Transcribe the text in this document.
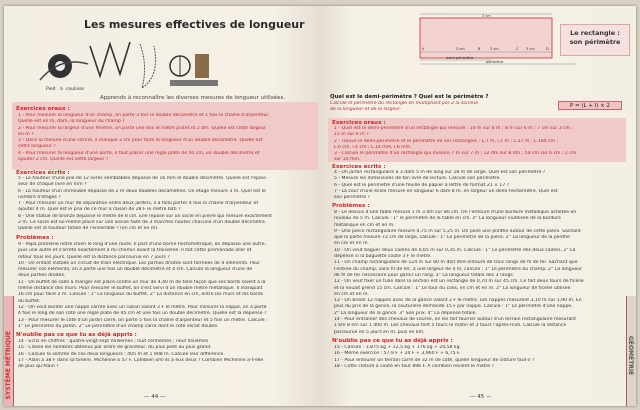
SYSTÈME MÉTRIQUE
Les mesures effectives de longueur
Pied à coulisse
Apprends à reconnaître les diverses mesures de longueur utilisées.
Exercices oraux :
1 - Pour mesurer la longueur d'un champ, on porte 3 fois le double décamètre et 1 fois la chaîne d'arpenteur.
Quelle est en m, dam, la longueur du champ ?
2 - Pour mesurer la largeur d'une fenêtre, on porte une fois le mètre pliant et 2 dm. Quelle est cette largeur
en m ?
3 - Dans la mesure d'une vitrine, il manque 2 cm pour faire la longueur d'un double décamètre. Quelle est
cette longueur ?
4 - Pour mesurer la longueur d'une porte, il faut placer une règle plate de 50 cm, un double décimètre et
ajouter 2 cm. Quelle est cette largeur ?
Exercices écrits :
5 - La hauteur d'une pile de 12 livres semblables dépasse de 16 mm le double décimètre. Quelle est l'épais-
seur de chaque livre en mm ?
6 - La hauteur d'un immeuble dépasse de 2 m deux doubles décamètres. Un étage mesure 3 m. Quel est le
nombre d'étages ?
7 - Pour mesurer un mur de séparation entre deux jardins, il a fallu porter 4 fois la chaîne d'arpenteur et
ajouter 4 m. Quel est le prix de ce mur à raison de 28 F le mètre bâti ?
8 - Une statue de bronze dépasse le mètre de 8 cm. Elle repose sur un socle en pierre qui mesure exactement
2 m. Ce socle est lui-même placé sur une assise faite de 3 marches hautes chacune d'un double décimètre.
Quelle est la hauteur totale de l'ensemble ? (en cm et en m).
Problèmes :
9 - Papa promène notre chien le long d'une route. Il part d'une borne hectométrique, en dépasse une autre,
puis une autre et s'arrête exactement à mi-chemin avant la troisième. Il fait cette promenade aller et
retour tous les jours. Quelle est la distance parcourue en 7 jours ?
10 - Un enfant installe un circuit de train électrique. Les parties droites sont formées de 4 éléments. Pour
mesurer ces éléments, on a porté une fois un double décimètre et 4 cm. Calcule la longueur d'une de
deux parties droites.
11 - Un buffet de salle à manger est placé contre un mur de 4,40 m de telle façon que ses bords soient à la
même distance des murs. Pour mesurer le buffet, on s'est servi d'un double mètre métallique. Il manquait
16 cm pour faire 2 m. Calcule : 1° La longueur du buffet. 2° La distance en cm, entre les murs et les bords
du buffet.
12 - On veut border une nappe carrée avec un ruban valant 2 F le mètre. Pour mesurer la nappe, on a porté
4 fois le long de son côté une règle plate de 45 cm et une fois un double décimètre. Quelle est la dépense ?
13 - Pour mesurer le côté d'un jardin carré, on porte 5 fois la chaîne d'arpenteur et 5 fois un mètre. Calcule :
1° Le périmètre du jardin. 2° Le périmètre d'un champ carré dont le côté serait double.
N'oublie pas ce que tu as déjà appris :
14 - Écris en chiffres : quatre-vingt-sept millièmes ; huit centièmes ; neuf dixièmes
15 - Classe les nombres obtenus par ordre de grandeur, du plus petit au plus grand.
16 - Calcule la somme de ces deux longueurs : 405 m et 1 908 m. Calcule leur différence.
17 - Alain a 38 F dans sa tirelire. Micheline a 57 F. Combien ont-ils à eux deux ? Combien Micheline a-t-elle
de plus qu'Alain ?
— 44 —
GÉOMÉTRIE
3 cm
A	3 cm	B	3 cm	C 3 cm	D
demi-périmètre
périmètre
Le rectangle :
son périmètre
Quel est le demi-périmètre ? Quel est le périmètre ?
Calcule le périmètre du rectangle en multipliant par 2 la somme
de la longueur et de la largeur.
P = (L + l) × 2
Exercices oraux :
1 - Quel est le demi-périmètre d'un rectangle qui mesure : 10 m sur 6 m ; 8 m sur 6 m ; 7 cm sur 3 cm ;
15 m sur 6 m ?
2 - Trouve le demi-périmètre et le périmètre de ces rectangles : L.7 m, l.1 m ; L.27 m ; L.180 cm ;
L.6 cm, l.4 cm ; L.14 mm, l.6 mm.
3 - Calcule le périmètre d'un rectangle qui mesure 7 m sur 7 m ; 12 dm sur 8 dm ; 54 cm sur 6 cm ; 2 cm
sur 10 mm.
Exercices écrits :
4 - Un jardin rectangulaire a 3 dam 5 m de long sur 18 m de large. Quel est son périmètre ?
5 - Mesure les dimensions de ton livre de lecture. Calcule son périmètre.
6 - Quel est le périmètre d'une feuille de papier à lettre de format 21 × 17 ?
7 - La cour d'une école mesure en longueur 6 dam 8 m, en largeur un demi-hectomètre. Quel est
son périmètre ?
Problèmes :
8 - Le dessus d'une table mesure 1 m 3 dm sur 80 cm. On l'entoure d'une bordure métallique achetée en
rouleau de 5 m. Calcule : 1° le périmètre de la table en cm. 2° La longueur inutilisée de la bordure
métallique en cm et en m.
9 - Une pièce rectangulaire mesure 4,75 m sur 5,25 m. On pose une plinthe autour de cette pièce. Sachant
que la porte mesure 72 cm de large, calcule : 1° Le périmètre de la pièce. 2° La longueur de la plinthe
en cm et en m.
10 - On veut baguer deux cadres de 0,65 m sur 0,35 m. Calcule : 1° Le périmètre des deux cadres. 2° La
dépense si la baguette coûte 3 F le mètre.
11 - Un champ rectangulaire de 124 m sur 60 m doit être entouré de trois rangs de fil de fer. Sachant que
l'entrée du champ, sans fil de fer, a une largeur de 4 m, calcule : 1° Le périmètre du champ. 2° La longueur
de fil de fer nécessaire pour garnir un rang. 3° La longueur totale des 3 rangs.
12 - On veut fixer un tulle dans la section est un rectangle de 0,70 m sur 45 cm. Ce fait deux tours de ficelle
et la nouait prend 15 cm. Calcule : 1° Le tour du colis, en cm et en m. 2° La longueur de ficelle utilisée
en cm et en m.
13 - On brode 12 nappes avec de la gance valant 2 F le mètre. Les nappes mesurent 3,10 m sur 1,90 m. En
plus du prix de la gance, la couturière demande 15 F par nappe. Calcule : 1° Le périmètre d'une nappe.
2° La longueur de la gance. 3° Son prix. 4° La dépense totale.
14 - Pour entraîner des chevaux de course, on les fait tourner autour d'un terrain rectangulaire mesurant
1 km 8 hm sur 1 400 m. Les chevaux font 5 tours le matin et 3 tours l'après-midi. Calcule la distance
parcourue en 5 jours en m, puis en km.
N'oublie pas ce que tu as déjà appris :
15 - Calcule : 3,875 kg + 12,5 kg + 176 kg + 24,58 kg.
16 - Même exercice : 57,9 F + 24 F + 3,960 F + 6,75 F.
17 - Pour entourer un terrain carré de 32 m de côté, quelle longueur de clôture faut-il ?
18 - Cette clôture a coûté en tout 896 F. A combien revient le mètre ?
— 45 —
